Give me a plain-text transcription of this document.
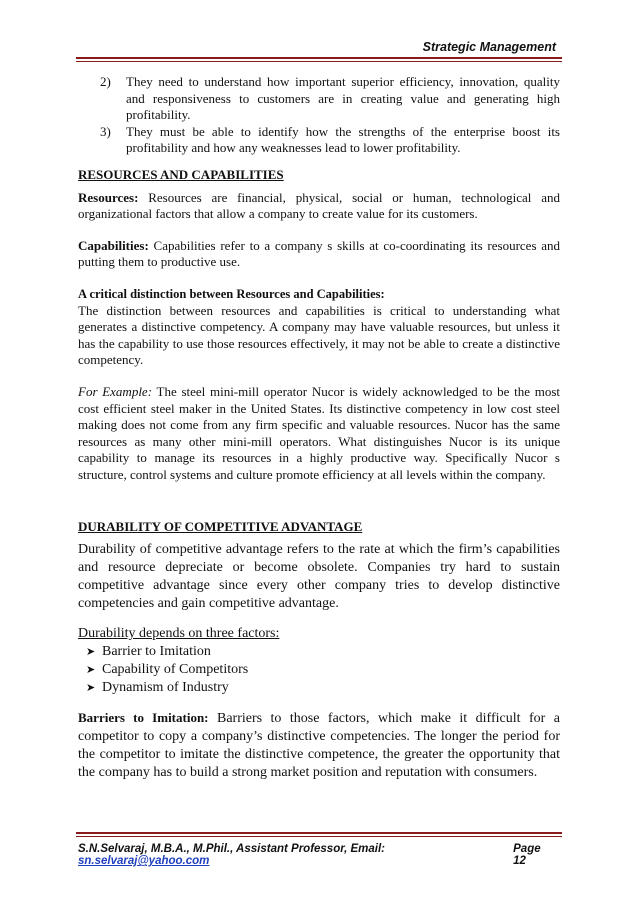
Strategic Management
2) They need to understand how important superior efficiency, innovation, quality and responsiveness to customers are in creating value and generating high profitability.
3) They must be able to identify how the strengths of the enterprise boost its profitability and how any weaknesses lead to lower profitability.

RESOURCES AND CAPABILITIES

Resources: Resources are financial, physical, social or human, technological and organizational factors that allow a company to create value for its customers.

Capabilities: Capabilities refer to a company s skills at co-coordinating its resources and putting them to productive use.

A critical distinction between Resources and Capabilities:

The distinction between resources and capabilities is critical to understanding what generates a distinctive competency. A company may have valuable resources, but unless it has the capability to use those resources effectively, it may not be able to create a distinctive competency.

For Example: The steel mini-mill operator Nucor is widely acknowledged to be the most cost efficient steel maker in the United States. Its distinctive competency in low cost steel making does not come from any firm specific and valuable resources. Nucor has the same resources as many other mini-mill operators. What distinguishes Nucor is its unique capability to manage its resources in a highly productive way. Specifically Nucor s structure, control systems and culture promote efficiency at all levels within the company.

DURABILITY OF COMPETITIVE ADVANTAGE

Durability of competitive advantage refers to the rate at which the firm’s capabilities and resource depreciate or become obsolete. Companies try hard to sustain competitive advantage since every other company tries to develop distinctive competencies and gain competitive advantage.

Durability depends on three factors:

➤ Barrier to Imitation
➤ Capability of Competitors
➤ Dynamism of Industry

Barriers to Imitation: Barriers to those factors, which make it difficult for a competitor to copy a company’s distinctive competencies. The longer the period for the competitor to imitate the distinctive competence, the greater the opportunity that the company has to build a strong market position and reputation with consumers.

S.N.Selvaraj, M.B.A., M.Phil., Assistant Professor, Email: sn.selvaraj@yahoo.com
Page 12
